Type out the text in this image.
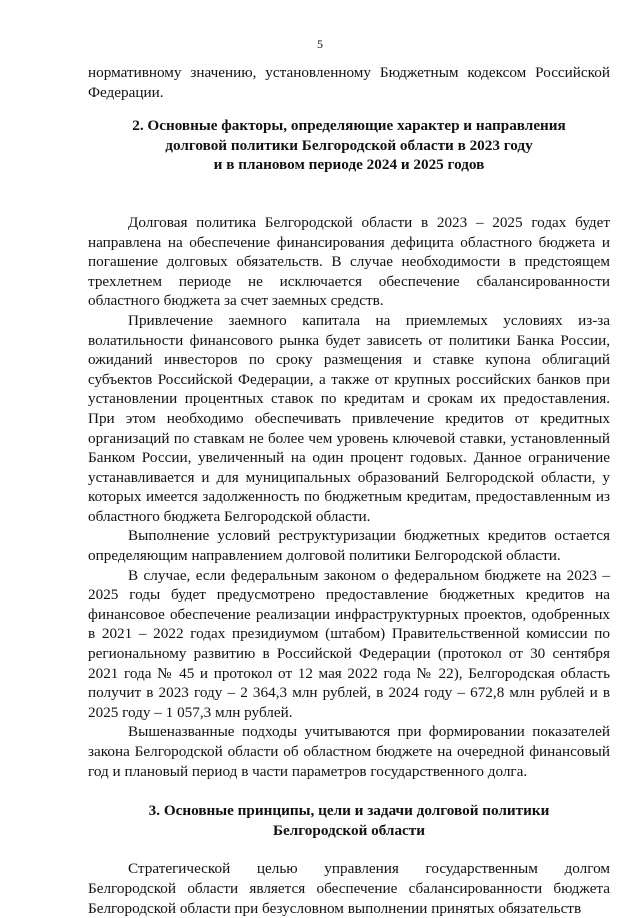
5

нормативному значению, установленному Бюджетным кодексом Российской Федерации.

2. Основные факторы, определяющие характер и направления
долговой политики Белгородской области в 2023 году
и в плановом периоде 2024 и 2025 годов

Долговая политика Белгородской области в 2023 – 2025 годах будет направлена на обеспечение финансирования дефицита областного бюджета и погашение долговых обязательств. В случае необходимости в предстоящем трехлетнем периоде не исключается обеспечение сбалансированности областного бюджета за счет заемных средств.

Привлечение заемного капитала на приемлемых условиях из-за волатильности финансового рынка будет зависеть от политики Банка России, ожиданий инвесторов по сроку размещения и ставке купона облигаций субъектов Российской Федерации, а также от крупных российских банков при установлении процентных ставок по кредитам и срокам их предоставления. При этом необходимо обеспечивать привлечение кредитов от кредитных организаций по ставкам не более чем уровень ключевой ставки, установленный Банком России, увеличенный на один процент годовых. Данное ограничение устанавливается и для муниципальных образований Белгородской области, у которых имеется задолженность по бюджетным кредитам, предоставленным из областного бюджета Белгородской области.

Выполнение условий реструктуризации бюджетных кредитов остается определяющим направлением долговой политики Белгородской области.

В случае, если федеральным законом о федеральном бюджете на 2023 – 2025 годы будет предусмотрено предоставление бюджетных кредитов на финансовое обеспечение реализации инфраструктурных проектов, одобренных в 2021 – 2022 годах президиумом (штабом) Правительственной комиссии по региональному развитию в Российской Федерации (протокол от 30 сентября 2021 года № 45 и протокол от 12 мая 2022 года № 22), Белгородская область получит в 2023 году – 2 364,3 млн рублей, в 2024 году – 672,8 млн рублей и в 2025 году – 1 057,3 млн рублей.

Вышеназванные подходы учитываются при формировании показателей закона Белгородской области об областном бюджете на очередной финансовый год и плановый период в части параметров государственного долга.

3. Основные принципы, цели и задачи долговой политики
Белгородской области

Стратегической целью управления государственным долгом Белгородской области является обеспечение сбалансированности бюджета Белгородской области при безусловном выполнении принятых обязательств
